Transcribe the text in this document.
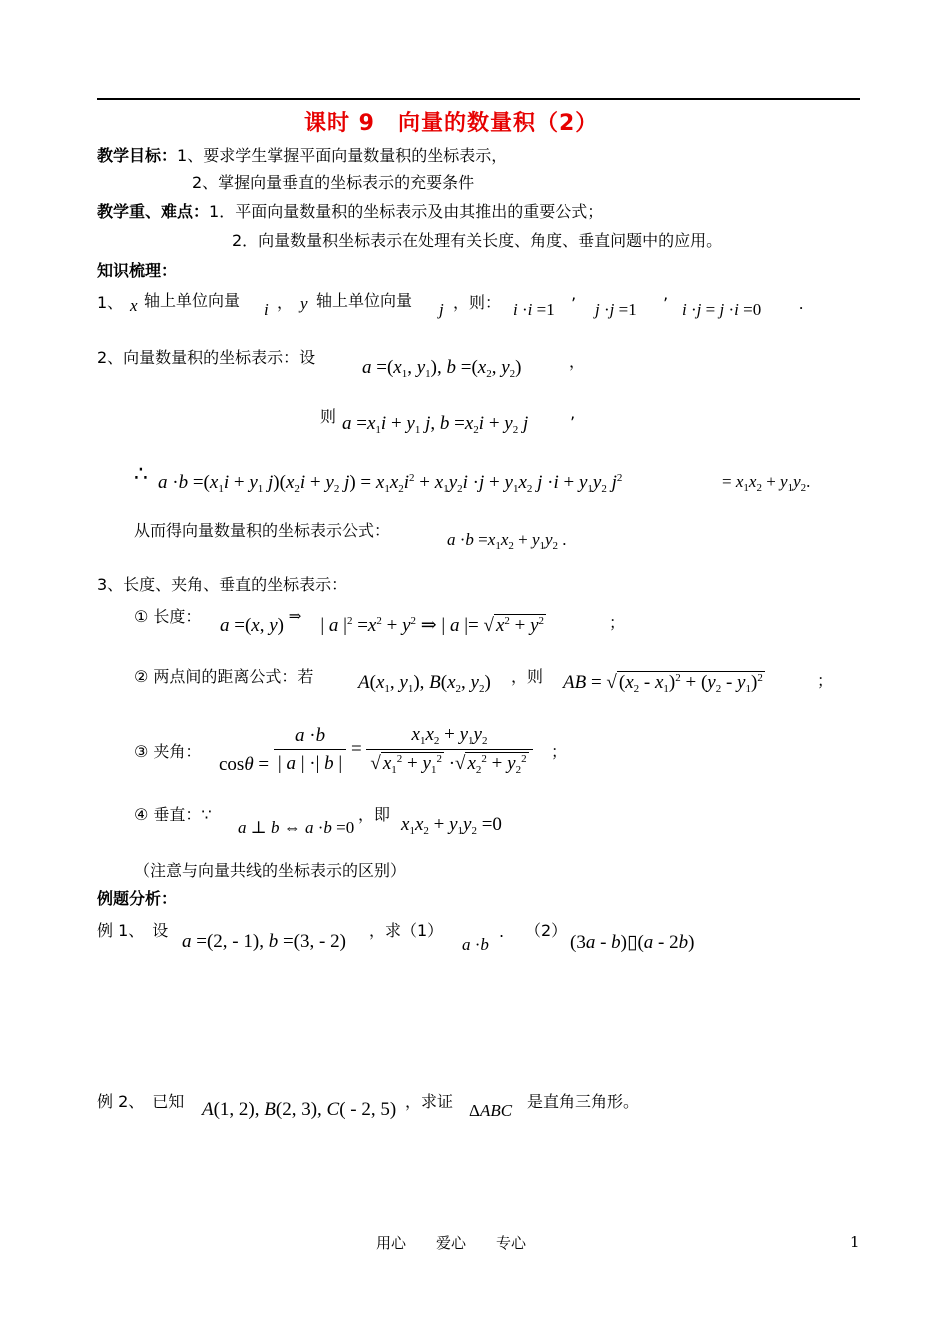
课时 9　向量的数量积（2）
教学目标：1、要求学生掌握平面向量数量积的坐标表示，
2、掌握向量垂直的坐标表示的充要条件
教学重、难点：1．平面向量数量积的坐标表示及由其推出的重要公式；
2．向量数量积坐标表示在处理有关长度、角度、垂直问题中的应用。
知识梳理：
1、 x 轴上单位向量 i ， y 轴上单位向量 j ，则： i ·i =1 ’ j ·j =1 ’ i ·j = j ·i =0 .
2、向量数量积的坐标表示：设 $a =(x_1$, $y_1$), $b =(x_2$, $y_2$)	，
则 $a =x_1i + y_1$ j, $b =x_2i + y_2$ j	’
∴ $a \cdot b =(x_1i + y_1$ $j)(x_2i + y_2$ $j) = x_1x_2i^2 + x_1y_2i \cdot j + y_1x_2$ $j \cdot i + y_1y_2$ $j^2$	= $x_1x_2 + y_1y_2$.
从而得向量数量积的坐标表示公式：	$a \cdot b =x_1x_2 + y_1y_2$ .
3、长度、夹角、垂直的坐标表示：
① 长度： a =(x, y) ⇒    | a $|^2 =x^2 + y^2$ ⇒ | a |= √ $x^2 + y^2$	；
② 两点间的距离公式：若 $A(x_1$, $y_1$), $B(x_2$, $y_2$) ，则 AB = √ $(x_2 - x_1)^2 + (y_2 - y_1)^2$	；
③ 夹角：
$\cos\theta = \frac{a \cdot b}{| a | \cdot| b |} = \frac{x_1x_2 + y_1y_2}{√ x_1^2 + y_1^2 \cdot√ x_2^2 + y_2^2}$ ；
④ 垂直：∵
a ⊥ b ⇔ a ·b =0
，即 $x_1x_2 + y_1y_2 =0$
（注意与向量共线的坐标表示的区别）
例题分析：
例 1、　设
a =(2, - 1), b =(3, - 2)
，求（1）
a ·b
. （2）
(3a - b)▯(a - 2b)
例 2、　已知 A(1, 2), B(2, 3), C( - 2, 5) ，求证 ΔABC 是直角三角形。
用心　　爱心　　专心	1
